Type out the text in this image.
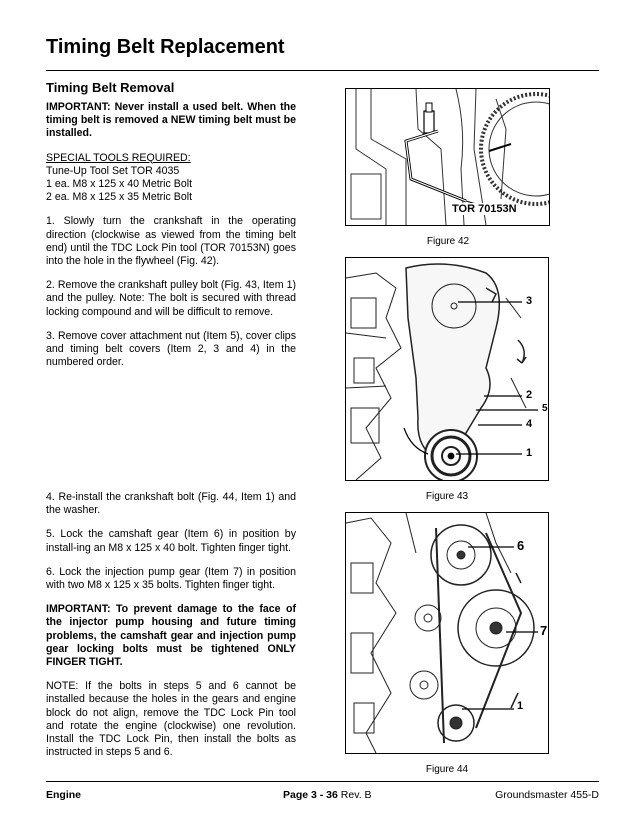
Timing Belt Replacement
Timing Belt Removal

IMPORTANT: Never install a used belt. When the timing belt is removed a NEW timing belt must be installed.

SPECIAL TOOLS REQUIRED:

Tune-Up Tool Set TOR 4035

1 ea. M8 x 125 x 40 Metric Bolt

2 ea. M8 x 125 x 35 Metric Bolt

1. Slowly turn the crankshaft in the operating direction (clockwise as viewed from the timing belt end) until the TDC Lock Pin tool (TOR 70153N) goes into the hole in the flywheel (Fig. 42).

2. Remove the crankshaft pulley bolt (Fig. 43, Item 1) and the pulley. Note: The bolt is secured with thread locking compound and will be difficult to remove.

3. Remove cover attachment nut (Item 5), cover clips and timing belt covers (Item 2, 3 and 4) in the numbered order.

4. Re-install the crankshaft bolt (Fig. 44, Item 1) and the washer.

5. Lock the camshaft gear (Item 6) in position by install-ing an M8 x 125 x 40 bolt. Tighten finger tight.

6. Lock the injection pump gear (Item 7) in position with two M8 x 125 x 35 bolts. Tighten finger tight.

IMPORTANT: To prevent damage to the face of the injector pump housing and future timing problems, the camshaft gear and injection pump gear locking bolts must be tightened ONLY FINGER TIGHT.

NOTE: If the bolts in steps 5 and 6 cannot be installed because the holes in the gears and engine block do not align, remove the TDC Lock Pin tool and rotate the engine (clockwise) one revolution. Install the TDC Lock Pin, then install the bolts as instructed in steps 5 and 6.

TOR 70153N
Figure 42
3
2
5
4
1
Figure 43
6
7
1
Figure 44
Engine	Page 3 - 36 Rev. B	Groundsmaster 455-D
